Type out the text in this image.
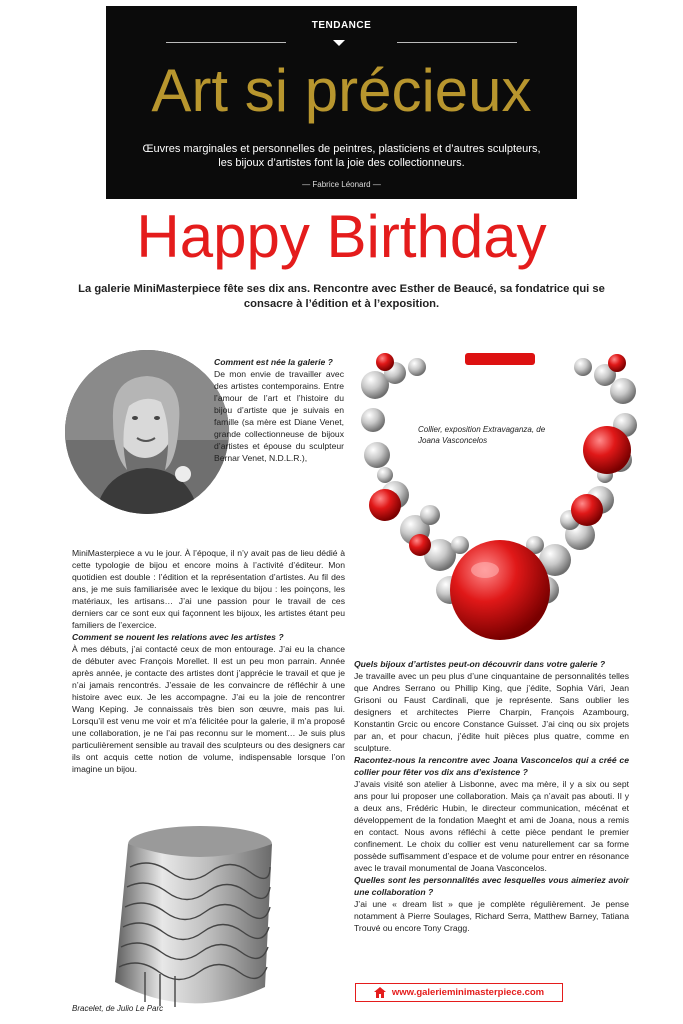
TENDANCE
Art si précieux
Œuvres marginales et personnelles de peintres, plasticiens et d’autres sculpteurs, les bijoux d’artistes font la joie des collectionneurs.
— Fabrice Léonard —
Happy Birthday
La galerie MiniMasterpiece fête ses dix ans. Rencontre avec Esther de Beaucé, sa fondatrice qui se consacre à l’édition et à l’exposition.
Comment est née la galerie ?
De mon envie de travailler avec des artistes contemporains. Entre l’amour de l’art et l’histoire du bijou d’artiste que je suivais en famille (sa mère est Diane Venet, grande collectionneuse de bijoux d’artistes et épouse du sculpteur Bernar Venet, N.D.L.R.),
MiniMasterpiece a vu le jour. À l’époque, il n’y avait pas de lieu dédié à cette typologie de bijou et encore moins à l’activité d’éditeur. Mon quotidien est double : l’édition et la représentation d’artistes. Au fil des ans, je me suis familiarisée avec le lexique du bijou : les poinçons, les matériaux, les artisans… J’ai une passion pour le travail de ces derniers car ce sont eux qui façonnent les bijoux, les artistes étant peu familiers de l’exercice.
Comment se nouent les relations avec les artistes ?
À mes débuts, j’ai contacté ceux de mon entourage. J’ai eu la chance de débuter avec François Morellet. Il est un peu mon parrain. Année après année, je contacte des artistes dont j’apprécie le travail et que je n’ai jamais rencontrés. J’essaie de les convaincre de réfléchir à une histoire avec eux. Je les accompagne. J’ai eu la joie de rencontrer Wang Keping. Je connaissais très bien son œuvre, mais pas lui. Lorsqu’il est venu me voir et m’a félicitée pour la galerie, il m’a proposé une collaboration, je ne l’ai pas reconnu sur le moment… Je suis plus particulièrement sensible au travail des sculpteurs ou des designers car ils ont acquis cette notion de volume, indispensable lorsque l’on imagine un bijou.
Collier, exposition Extravaganza, de Joana Vasconcelos
Quels bijoux d’artistes peut-on découvrir dans votre galerie ?
Je travaille avec un peu plus d’une cinquantaine de personnalités telles que Andres Serrano ou Phillip King, que j’édite, Sophia Vári, Jean Grisoni ou Faust Cardinali, que je représente. Sans oublier les designers et architectes Pierre Charpin, François Azambourg, Konstantin Grcic ou encore Constance Guisset. J’ai cinq ou six projets par an, et pour chacun, j’édite huit pièces plus quatre, comme en sculpture.
Racontez-nous la rencontre avec Joana Vasconcelos qui a créé ce collier pour fêter vos dix ans d’existence ?
J’avais visité son atelier à Lisbonne, avec ma mère, il y a six ou sept ans pour lui proposer une collaboration. Mais ça n’avait pas abouti. Il y a deux ans, Frédéric Hubin, le directeur communication, mécénat et développement de la fondation Maeght et ami de Joana, nous a remis en contact. Nous avons réfléchi à cette pièce pendant le premier confinement. Le choix du collier est venu naturellement car sa forme possède suffisamment d’espace et de volume pour entrer en résonance avec le travail monumental de Joana Vasconcelos.
Quelles sont les personnalités avec lesquelles vous aimeriez avoir une collaboration ?
J’ai une « dream list » que je complète régulièrement. Je pense notamment à Pierre Soulages, Richard Serra, Matthew Barney, Tatiana Trouvé ou encore Tony Cragg.
Bracelet, de Julio Le Parc
www.galerieminimasterpiece.com
